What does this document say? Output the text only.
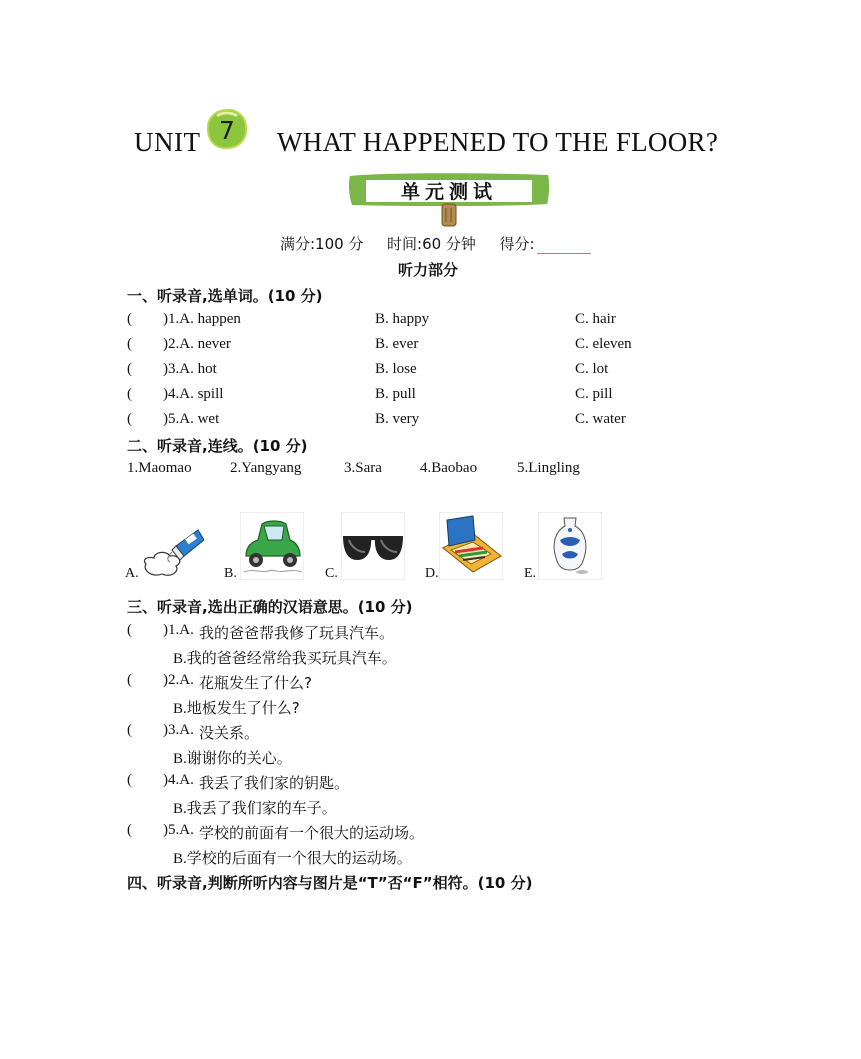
UNIT 7 WHAT HAPPENED TO THE FLOOR?
单元测试
满分:100 分 时间:60 分钟 得分:
听力部分
一、听录音,选单词。(10 分)
( )1.A. happen	B. happy	C. hair
( )2.A. never	B. ever	C. eleven
( )3.A. hot	B. lose	C. lot
( )4.A. spill	B. pull	C. pill
( )5.A. wet	B. very	C. water
二、听录音,连线。(10 分)
1.Maomao	2.Yangyang	3.Sara	4.Baobao	5.Lingling
A.	B.	C.	D.	E.
三、听录音,选出正确的汉语意思。(10 分)
( )1.A. 我的爸爸帮我修了玩具汽车。
B.我的爸爸经常给我买玩具汽车。
( )2.A. 花瓶发生了什么?
B.地板发生了什么?
( )3.A. 没关系。
B.谢谢你的关心。
( )4.A. 我丢了我们家的钥匙。
B.我丢了我们家的车子。
( )5.A. 学校的前面有一个很大的运动场。
B.学校的后面有一个很大的运动场。
四、听录音,判断所听内容与图片是“T”否“F”相符。(10 分)
